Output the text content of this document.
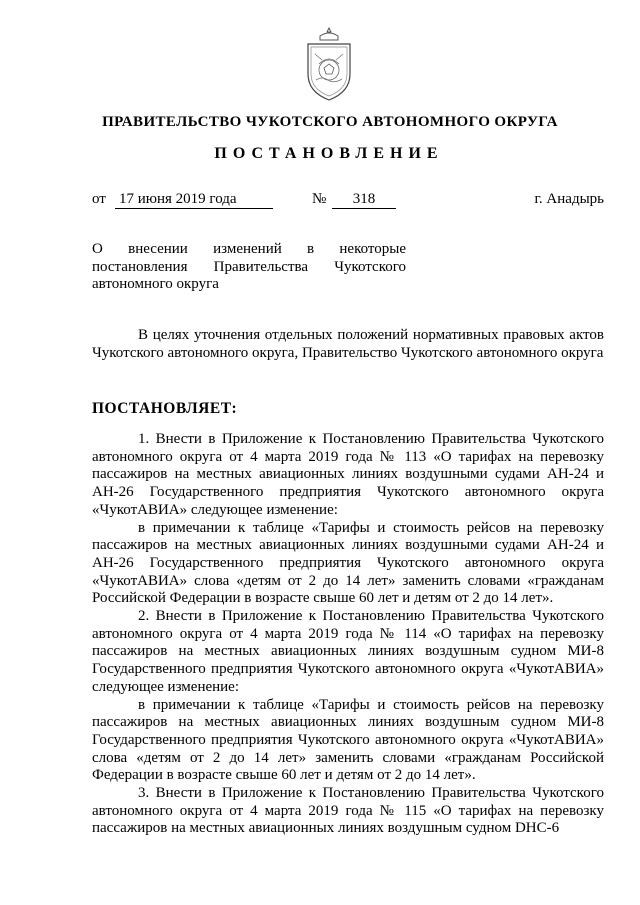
ПРАВИТЕЛЬСТВО ЧУКОТСКОГО АВТОНОМНОГО ОКРУГА
ПОСТАНОВЛЕНИЕ
от 17 июня 2019 года	№	318	г. Анадырь
О внесении изменений в некоторые
постановления Правительства Чукотского
автономного округа

В целях уточнения отдельных положений нормативных правовых актов Чукотского автономного округа, Правительство Чукотского автономного округа

ПОСТАНОВЛЯЕТ:

1. Внести в Приложение к Постановлению Правительства Чукотского автономного округа от 4 марта 2019 года № 113 «О тарифах на перевозку пассажиров на местных авиационных линиях воздушными судами АН-24 и АН-26 Государственного предприятия Чукотского автономного округа «ЧукотАВИА» следующее изменение:

в примечании к таблице «Тарифы и стоимость рейсов на перевозку пассажиров на местных авиационных линиях воздушными судами АН-24 и АН-26 Государственного предприятия Чукотского автономного округа «ЧукотАВИА» слова «детям от 2 до 14 лет» заменить словами «гражданам Российской Федерации в возрасте свыше 60 лет и детям от 2 до 14 лет».

2. Внести в Приложение к Постановлению Правительства Чукотского автономного округа от 4 марта 2019 года № 114 «О тарифах на перевозку пассажиров на местных авиационных линиях воздушным судном МИ-8 Государственного предприятия Чукотского автономного округа «ЧукотАВИА» следующее изменение:

в примечании к таблице «Тарифы и стоимость рейсов на перевозку пассажиров на местных авиационных линиях воздушным судном МИ-8 Государственного предприятия Чукотского автономного округа «ЧукотАВИА» слова «детям от 2 до 14 лет» заменить словами «гражданам Российской Федерации в возрасте свыше 60 лет и детям от 2 до 14 лет».

3. Внести в Приложение к Постановлению Правительства Чукотского автономного округа от 4 марта 2019 года № 115 «О тарифах на перевозку пассажиров на местных авиационных линиях воздушным судном DHC-6
